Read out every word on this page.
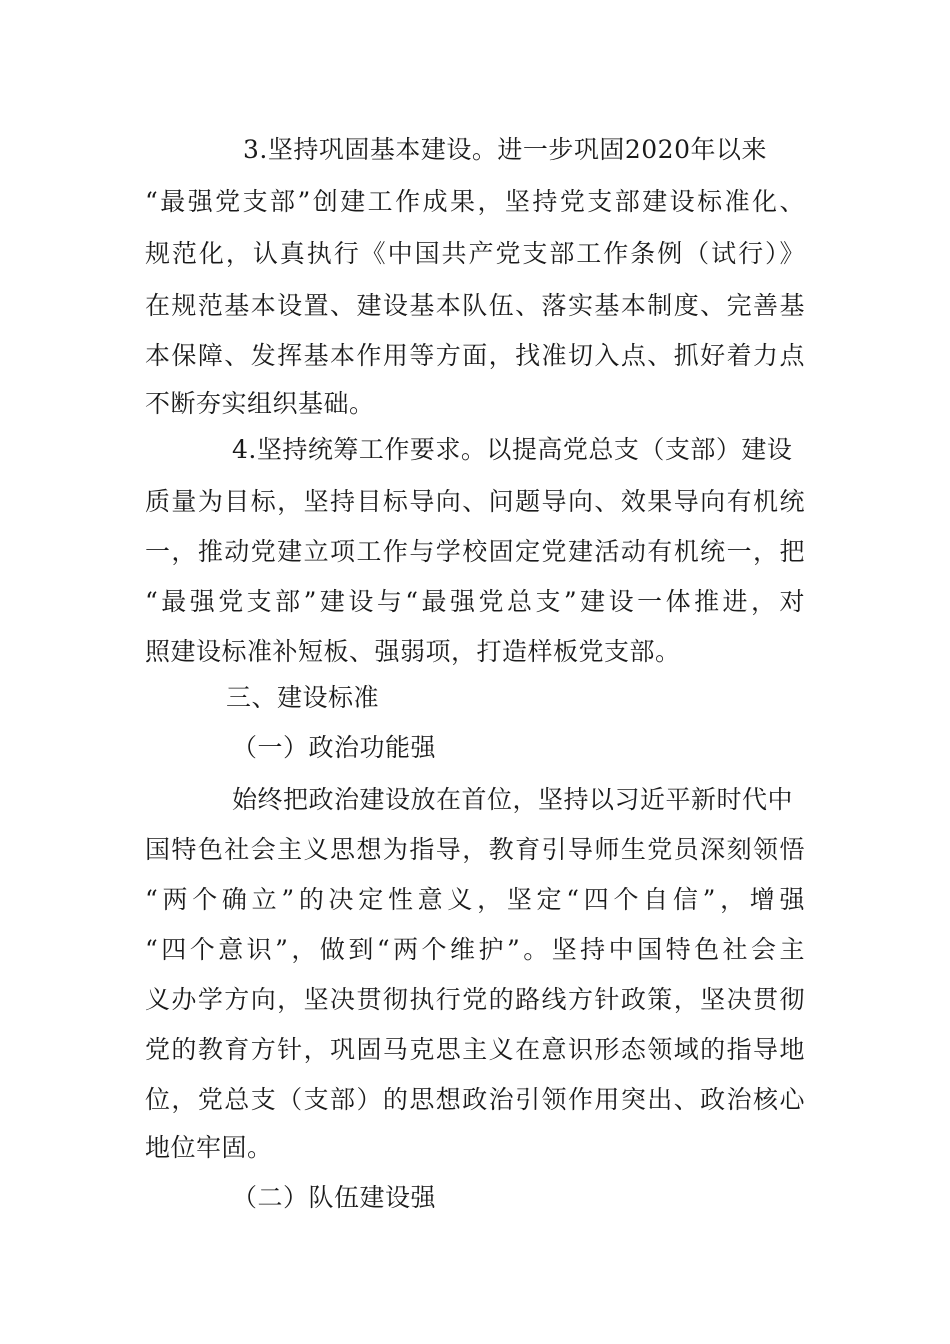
3.坚持巩固基本建设。进一步巩固2020年以来
“最强党支部”创建工作成果，坚持党支部建设标准化、
规范化，认真执行《中国共产党支部工作条例（试行）》
在规范基本设置、建设基本队伍、落实基本制度、完善基
本保障、发挥基本作用等方面，找准切入点、抓好着力点
不断夯实组织基础。
4.坚持统筹工作要求。以提高党总支（支部）建设
质量为目标，坚持目标导向、问题导向、效果导向有机统
一，推动党建立项工作与学校固定党建活动有机统一，把
“最强党支部”建设与“最强党总支”建设一体推进，对
照建设标准补短板、强弱项，打造样板党支部。
三、建设标准
（一）政治功能强
始终把政治建设放在首位，坚持以习近平新时代中
国特色社会主义思想为指导，教育引导师生党员深刻领悟
“两个确立”的决定性意义，坚定“四个自信”，增强
“四个意识”，做到“两个维护”。坚持中国特色社会主
义办学方向，坚决贯彻执行党的路线方针政策，坚决贯彻
党的教育方针，巩固马克思主义在意识形态领域的指导地
位，党总支（支部）的思想政治引领作用突出、政治核心
地位牢固。
（二）队伍建设强
